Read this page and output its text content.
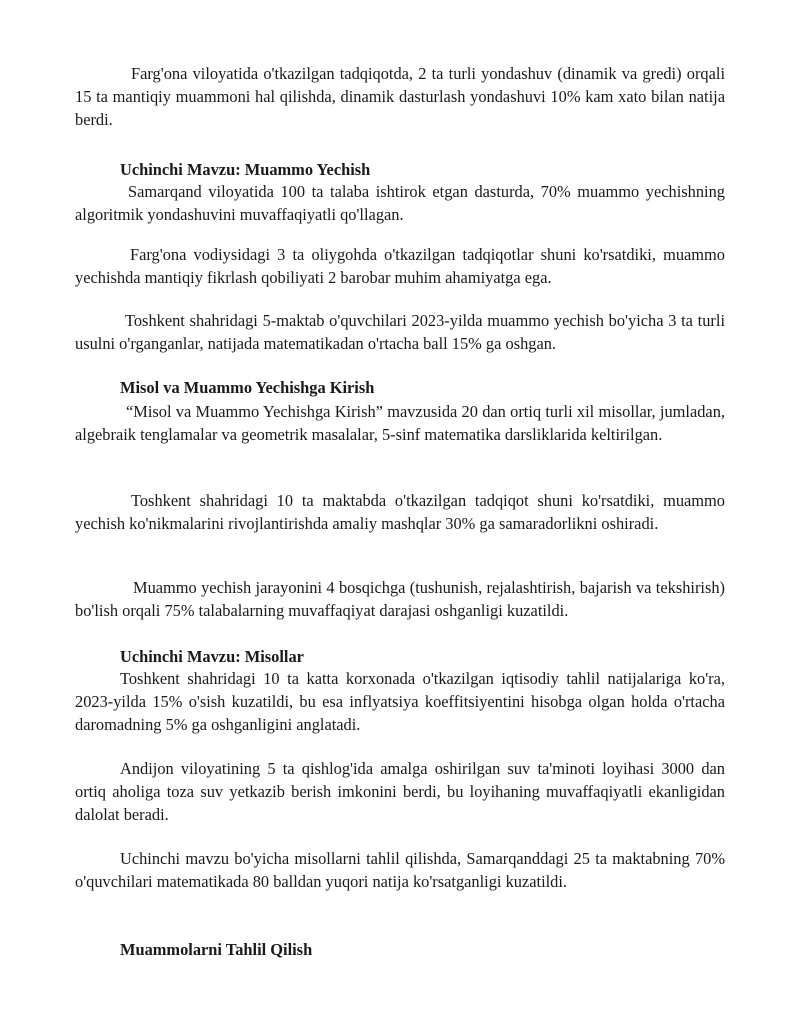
Farg'ona viloyatida o'tkazilgan tadqiqotda, 2 ta turli yondashuv (dinamik va gredi) orqali 15 ta mantiqiy muammoni hal qilishda, dinamik dasturlash yondashuvi 10% kam xato bilan natija berdi.

Uchinchi Mavzu: Muammo Yechish

Samarqand viloyatida 100 ta talaba ishtirok etgan dasturda, 70% muammo yechishning algoritmik yondashuvini muvaffaqiyatli qo'llagan.

Farg'ona vodiysidagi 3 ta oliygohda o'tkazilgan tadqiqotlar shuni ko'rsatdiki, muammo yechishda mantiqiy fikrlash qobiliyati 2 barobar muhim ahamiyatga ega.

Toshkent shahridagi 5-maktab o'quvchilari 2023-yilda muammo yechish bo'yicha 3 ta turli usulni o'rganganlar, natijada matematikadan o'rtacha ball 15% ga oshgan.

Misol va Muammo Yechishga Kirish

“Misol va Muammo Yechishga Kirish” mavzusida 20 dan ortiq turli xil misollar, jumladan, algebraik tenglamalar va geometrik masalalar, 5-sinf matematika darsliklarida keltirilgan.

Toshkent shahridagi 10 ta maktabda o'tkazilgan tadqiqot shuni ko'rsatdiki, muammo yechish ko'nikmalarini rivojlantirishda amaliy mashqlar 30% ga samaradorlikni oshiradi.

Muammo yechish jarayonini 4 bosqichga (tushunish, rejalashtirish, bajarish va tekshirish) bo'lish orqali 75% talabalarning muvaffaqiyat darajasi oshganligi kuzatildi.

Uchinchi Mavzu: Misollar

Toshkent shahridagi 10 ta katta korxonada o'tkazilgan iqtisodiy tahlil natijalariga ko'ra, 2023-yilda 15% o'sish kuzatildi, bu esa inflyatsiya koeffitsiyentini hisobga olgan holda o'rtacha daromadning 5% ga oshganligini anglatadi.

Andijon viloyatining 5 ta qishlog'ida amalga oshirilgan suv ta'minoti loyihasi 3000 dan ortiq aholiga toza suv yetkazib berish imkonini berdi, bu loyihaning muvaffaqiyatli ekanligidan dalolat beradi.

Uchinchi mavzu bo'yicha misollarni tahlil qilishda, Samarqanddagi 25 ta maktabning 70% o'quvchilari matematikada 80 balldan yuqori natija ko'rsatganligi kuzatildi.

Muammolarni Tahlil Qilish
